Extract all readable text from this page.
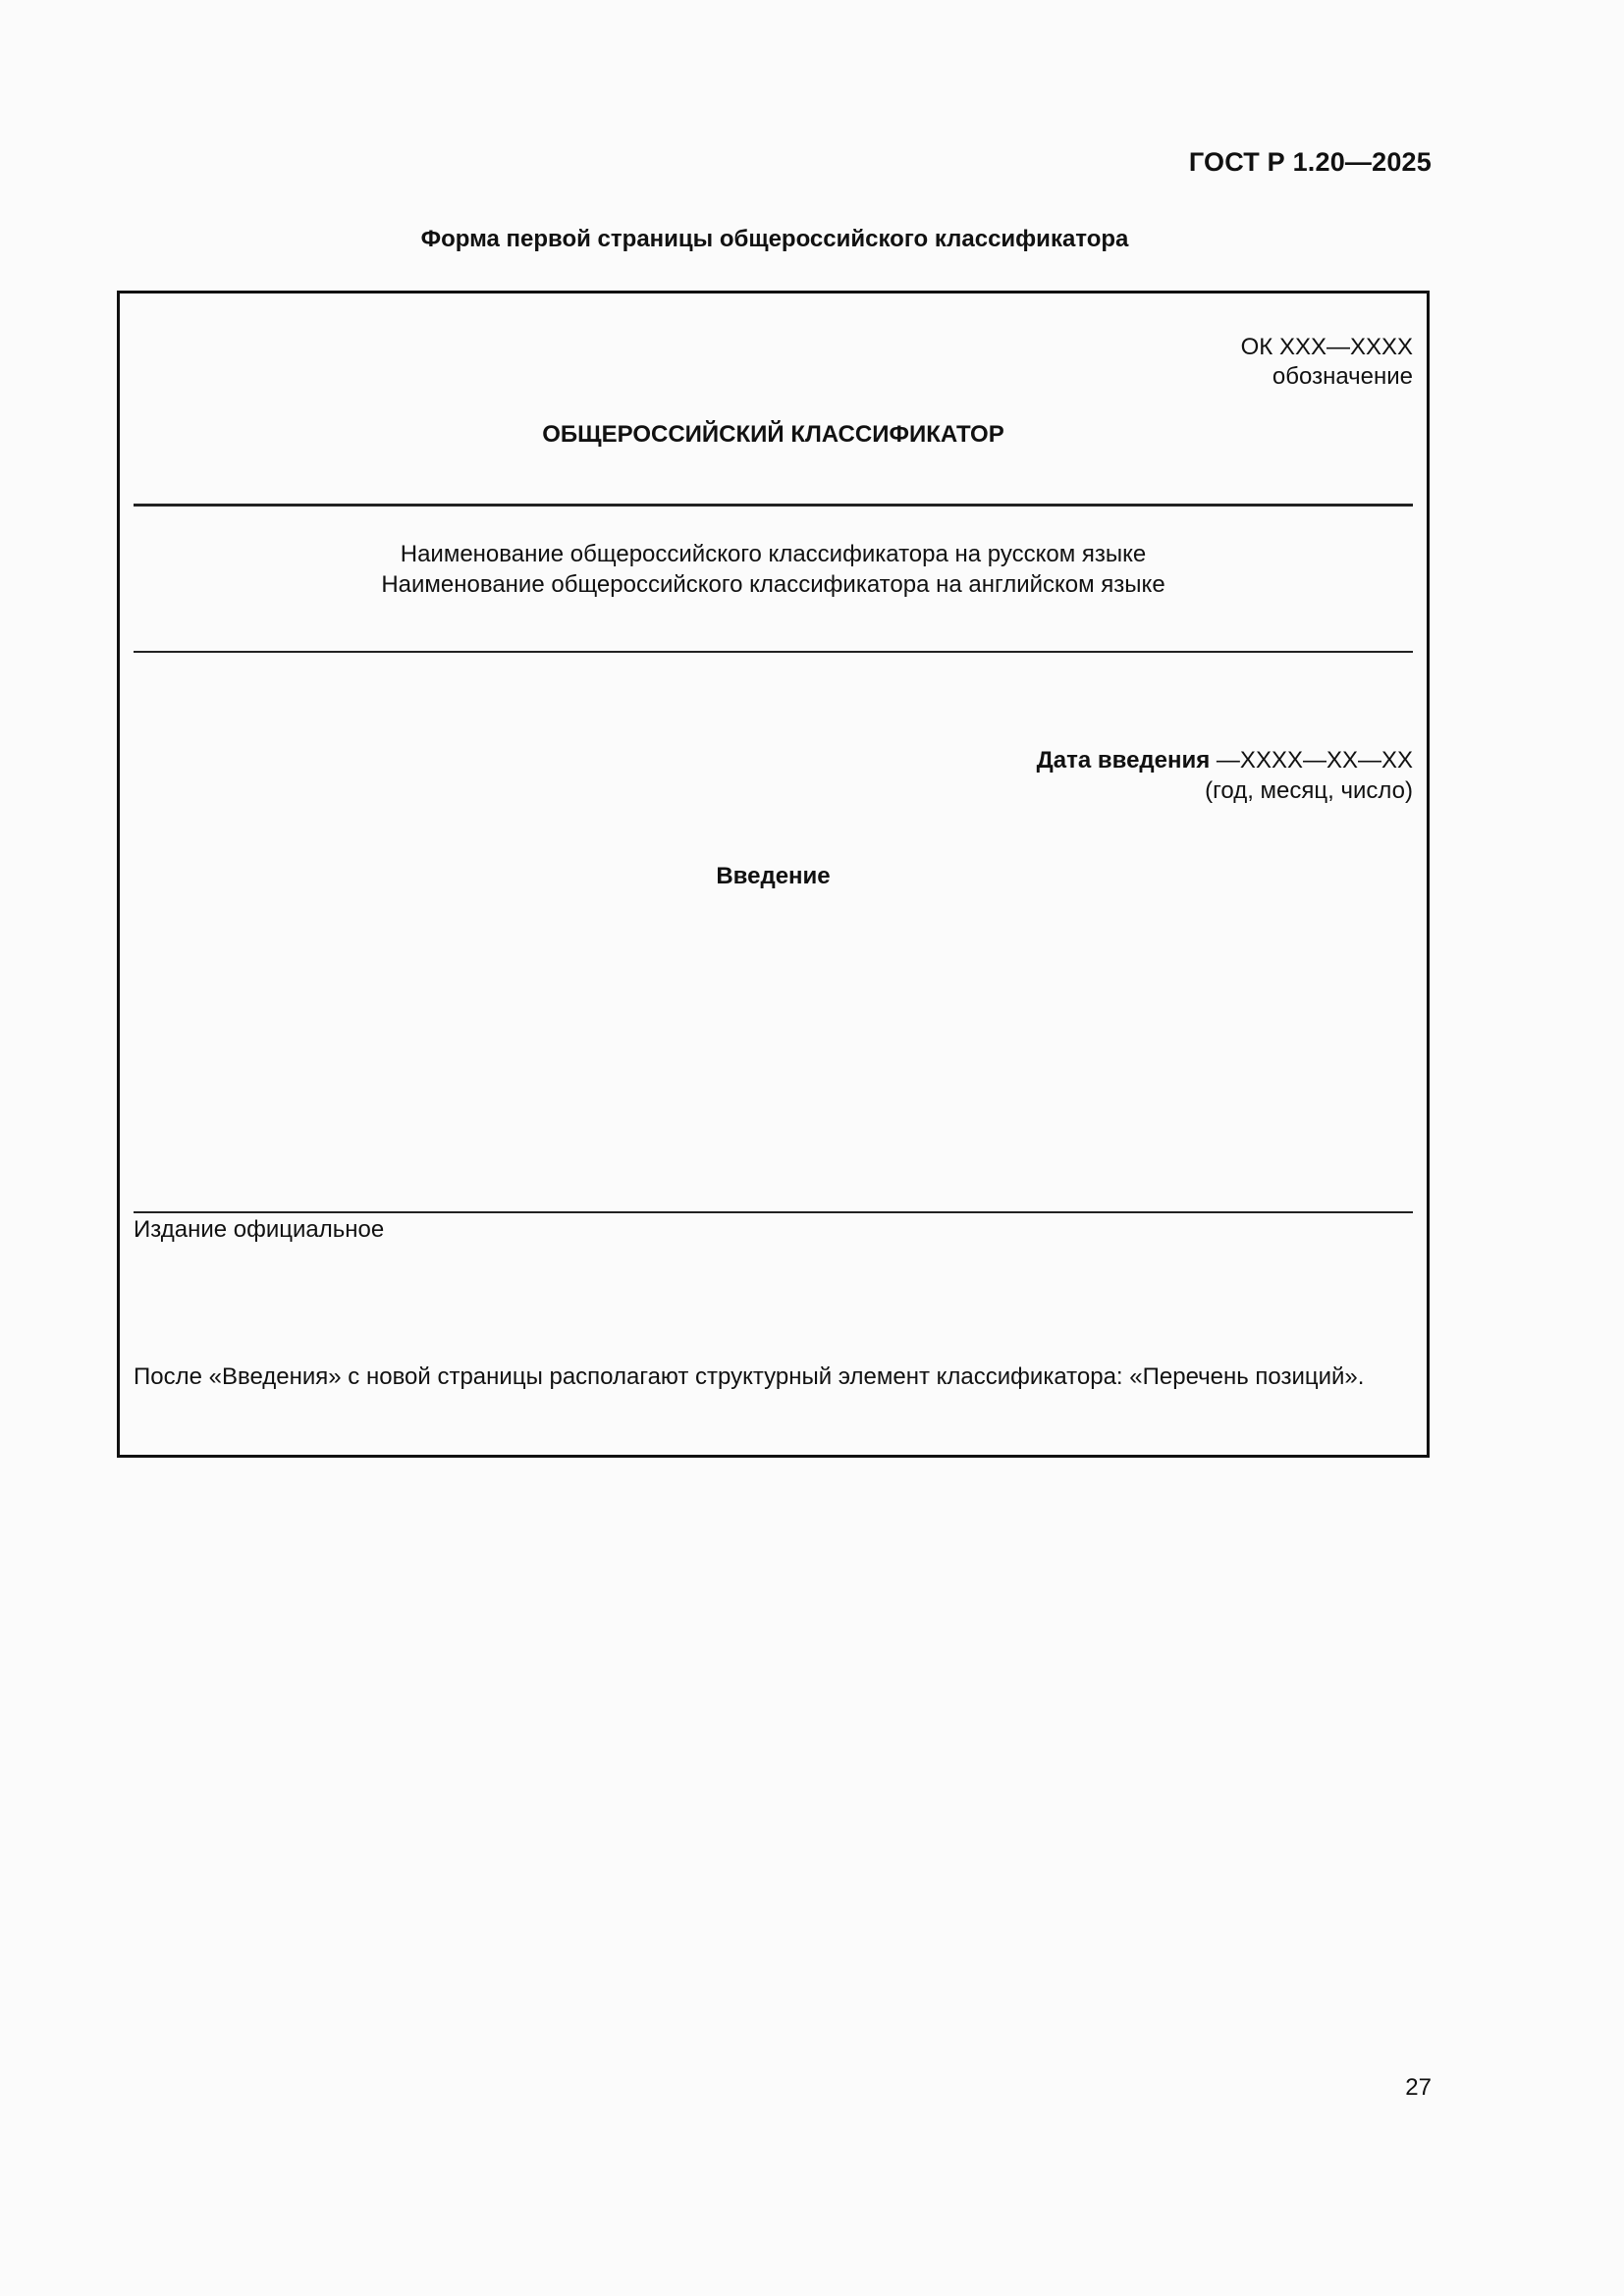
ГОСТ Р 1.20—2025
Форма первой страницы общероссийского классификатора
ОК ХХХ—ХХХХ
обозначение
ОБЩЕРОССИЙСКИЙ КЛАССИФИКАТОР
Наименование общероссийского классификатора на русском языке
Наименование общероссийского классификатора на английском языке
Дата введения —ХХХХ—ХХ—ХХ
(год, месяц, число)
Введение
Издание официальное
После «Введения» с новой страницы располагают структурный элемент классификатора: «Перечень позиций».
27
